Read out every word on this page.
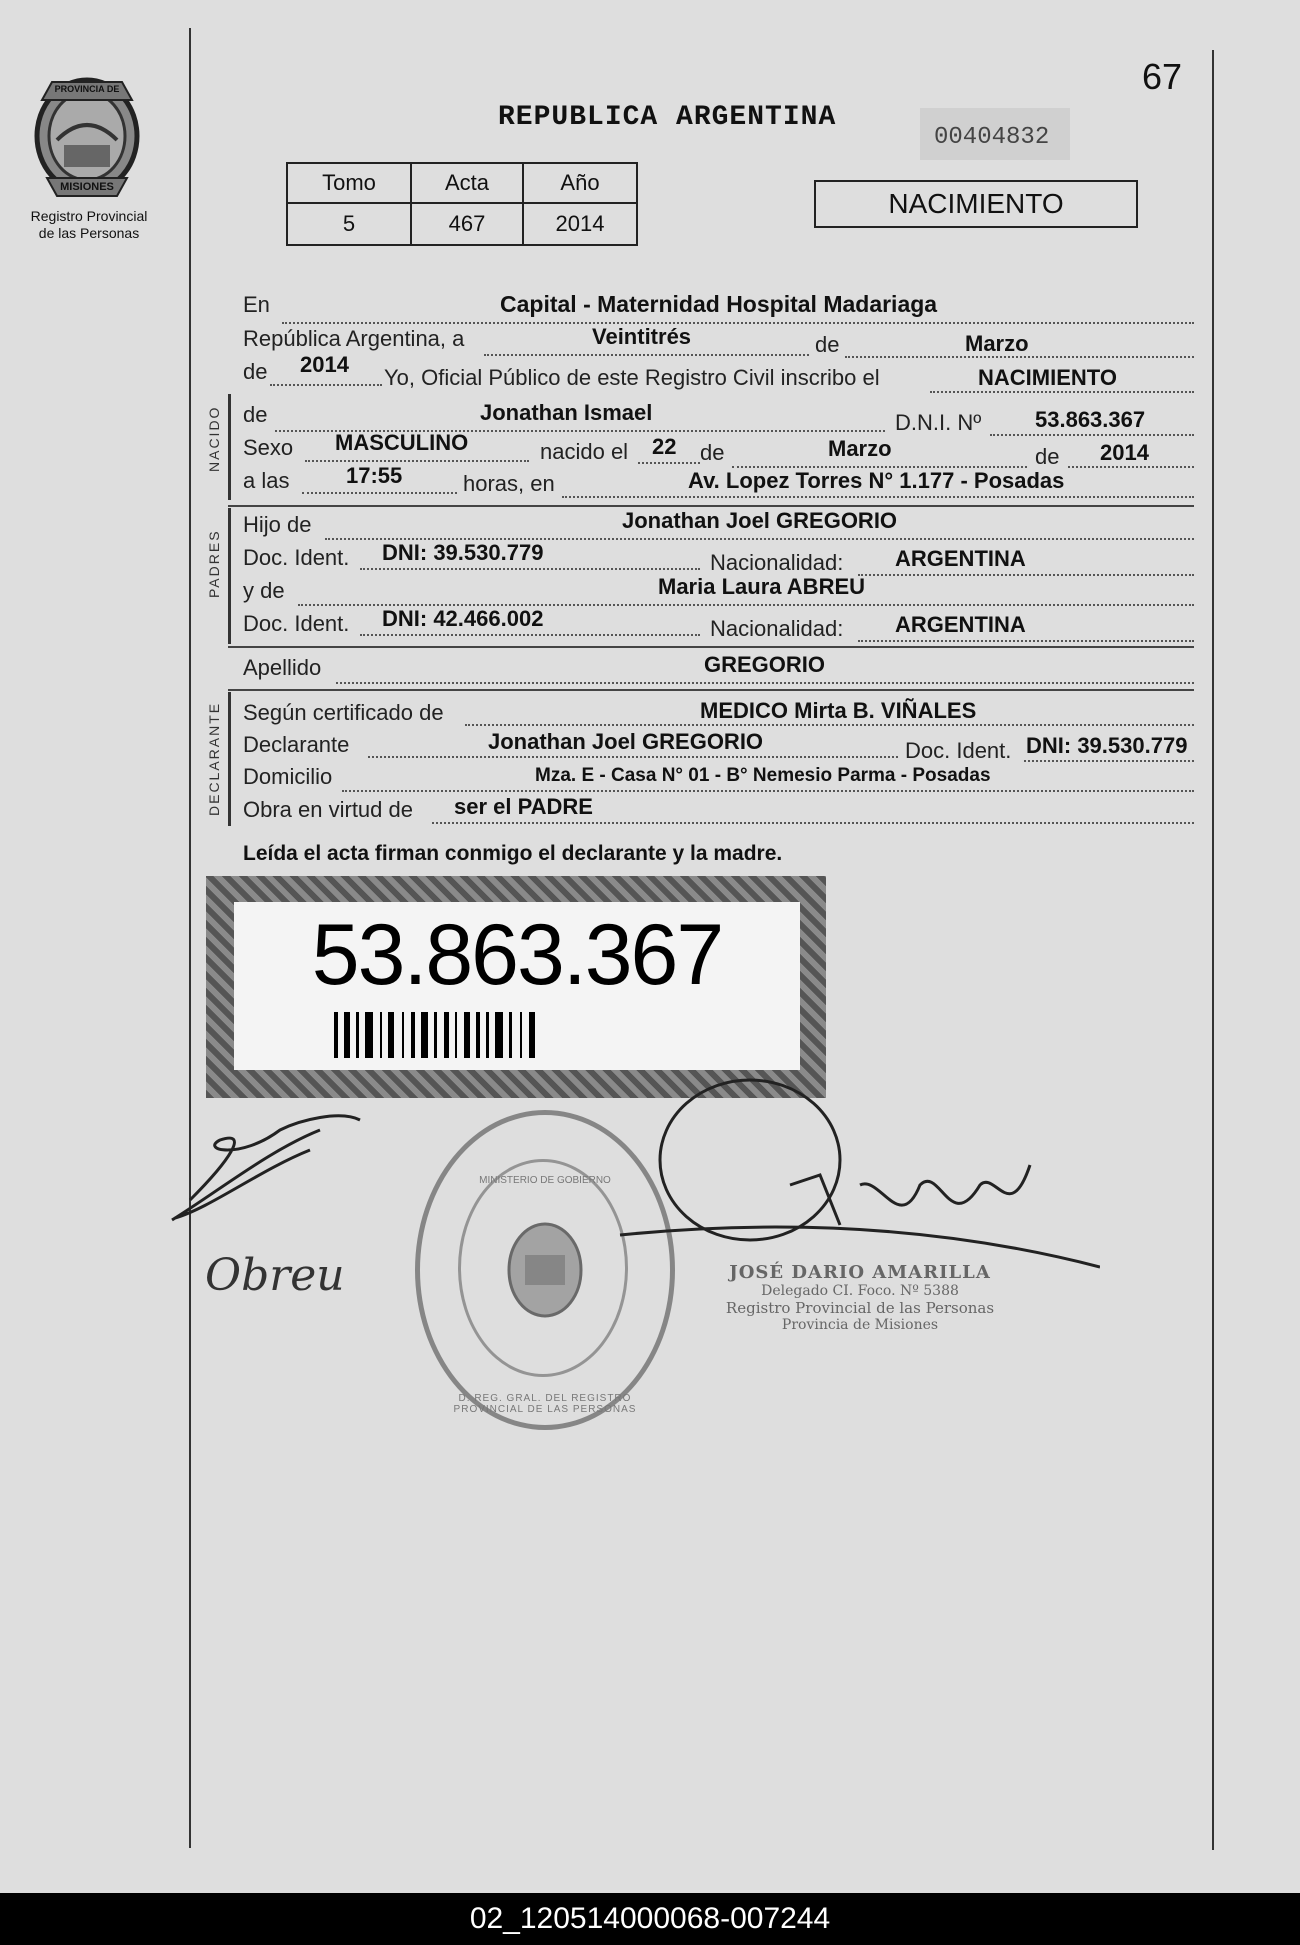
PROVINCIA DE
MISIONES
Registro Provincial
de las Personas
67
REPUBLICA ARGENTINA
00404832
Tomo	Acta	Año
5	467	2014
NACIMIENTO
En	Capital - Maternidad Hospital Madariaga
República Argentina, a	Veintitrés	de	Marzo
de 2014
Yo, Oficial Público de este Registro Civil inscribo el	NACIMIENTO
NACIDO de	Jonathan Ismael	D.N.I. Nº 53.863.367
Sexo MASCULINO	nacido el 22 de	Marzo	de 2014
a las	17:55	horas, en	Av. Lopez Torres N° 1.177 - Posadas
PADRES
Hijo de	Jonathan Joel GREGORIO
Doc. Ident. DNI: 39.530.779	Nacionalidad: ARGENTINA
y de	Maria Laura ABREU
Doc. Ident. DNI: 42.466.002	Nacionalidad: ARGENTINA
Apellido	GREGORIO
DECLARANTE Según certificado de	MEDICO Mirta B. VIÑALES
Declarante	Jonathan Joel GREGORIO	Doc. Ident. DNI: 39.530.779
Domicilio	Mza. E - Casa N° 01 - B° Nemesio Parma - Posadas
Obra en virtud de ser el PADRE
Leída el acta firman conmigo el declarante y la madre.
53.863.367
Obreu
D. REG. GRAL. DEL REGISTRO PROVINCIAL DE LAS PERSONAS
MINISTERIO DE GOBIERNO
JOSÉ DARIO AMARILLA
Delegado CI. Foco. Nº 5388
Registro Provincial de las Personas
Provincia de Misiones
02_120514000068-007244
